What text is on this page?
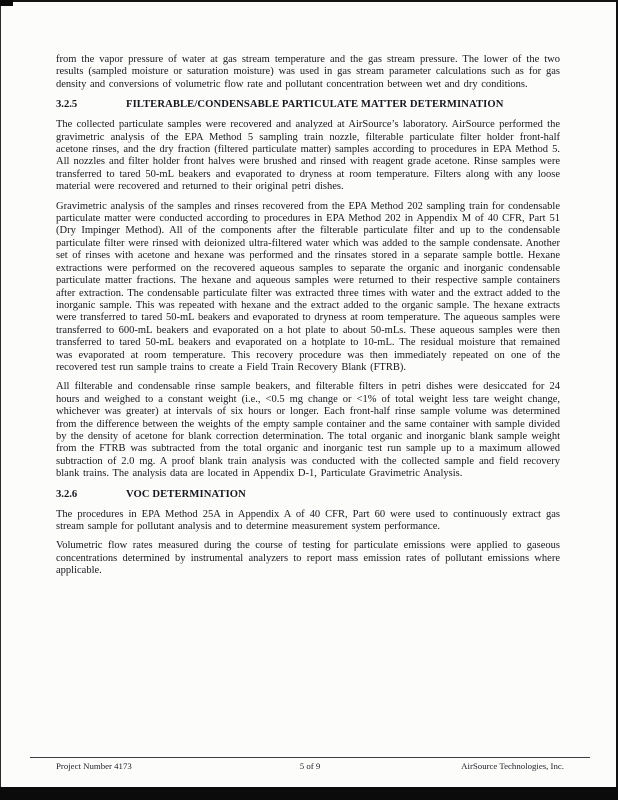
from the vapor pressure of water at gas stream temperature and the gas stream pressure. The lower of the two results (sampled moisture or saturation moisture) was used in gas stream parameter calculations such as for gas density and conversions of volumetric flow rate and pollutant concentration between wet and dry conditions.

3.2.5	FILTERABLE/CONDENSABLE PARTICULATE MATTER DETERMINATION

The collected particulate samples were recovered and analyzed at AirSource’s laboratory. AirSource performed the gravimetric analysis of the EPA Method 5 sampling train nozzle, filterable particulate filter holder front-half acetone rinses, and the dry fraction (filtered particulate matter) samples according to procedures in EPA Method 5. All nozzles and filter holder front halves were brushed and rinsed with reagent grade acetone. Rinse samples were transferred to tared 50-mL beakers and evaporated to dryness at room temperature. Filters along with any loose material were recovered and returned to their original petri dishes.

Gravimetric analysis of the samples and rinses recovered from the EPA Method 202 sampling train for condensable particulate matter were conducted according to procedures in EPA Method 202 in Appendix M of 40 CFR, Part 51 (Dry Impinger Method). All of the components after the filterable particulate filter and up to the condensable particulate filter were rinsed with deionized ultra-filtered water which was added to the sample condensate. Another set of rinses with acetone and hexane was performed and the rinsates stored in a separate sample bottle. Hexane extractions were performed on the recovered aqueous samples to separate the organic and inorganic condensable particulate matter fractions. The hexane and aqueous samples were returned to their respective sample containers after extraction. The condensable particulate filter was extracted three times with water and the extract added to the inorganic sample. This was repeated with hexane and the extract added to the organic sample. The hexane extracts were transferred to tared 50-mL beakers and evaporated to dryness at room temperature. The aqueous samples were transferred to 600-mL beakers and evaporated on a hot plate to about 50-mLs. These aqueous samples were then transferred to tared 50-mL beakers and evaporated on a hotplate to 10-mL. The residual moisture that remained was evaporated at room temperature. This recovery procedure was then immediately repeated on one of the recovered test run sample trains to create a Field Train Recovery Blank (FTRB).

All filterable and condensable rinse sample beakers, and filterable filters in petri dishes were desiccated for 24 hours and weighed to a constant weight (i.e., <0.5 mg change or <1% of total weight less tare weight change, whichever was greater) at intervals of six hours or longer. Each front-half rinse sample volume was determined from the difference between the weights of the empty sample container and the same container with sample divided by the density of acetone for blank correction determination. The total organic and inorganic blank sample weight from the FTRB was subtracted from the total organic and inorganic test run sample up to a maximum allowed subtraction of 2.0 mg. A proof blank train analysis was conducted with the collected sample and field recovery blank trains. The analysis data are located in Appendix D-1, Particulate Gravimetric Analysis.

3.2.6	VOC DETERMINATION

The procedures in EPA Method 25A in Appendix A of 40 CFR, Part 60 were used to continuously extract gas stream sample for pollutant analysis and to determine measurement system performance.

Volumetric flow rates measured during the course of testing for particulate emissions were applied to gaseous concentrations determined by instrumental analyzers to report mass emission rates of pollutant emissions where applicable.

Project Number 4173	5 of 9	AirSource Technologies, Inc.
